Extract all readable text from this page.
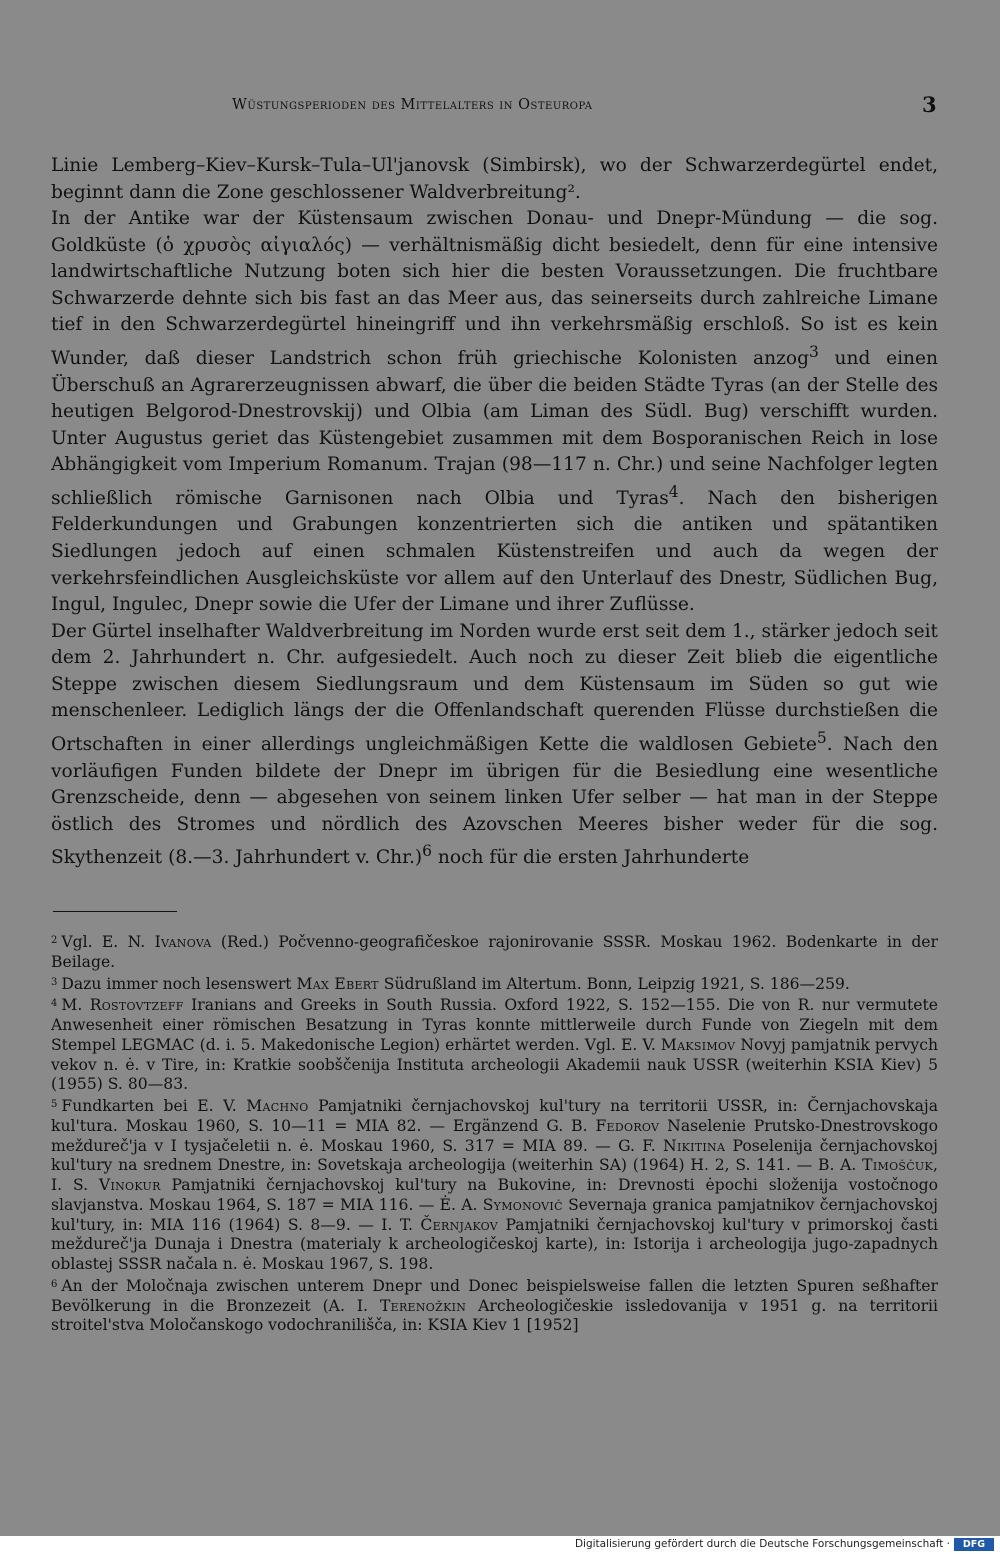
Wüstungsperioden des Mittelalters in Osteuropa	3

Linie Lemberg–Kiev–Kursk–Tula–Ul'janovsk (Simbirsk), wo der Schwarzerdegürtel endet, beginnt dann die Zone geschlossener Waldverbreitung².

In der Antike war der Küstensaum zwischen Donau- und Dnepr-Mündung — die sog. Goldküste (ὁ χρυσὸς αἰγιαλός) — verhältnismäßig dicht besiedelt, denn für eine intensive landwirtschaftliche Nutzung boten sich hier die besten Voraussetzungen. Die fruchtbare Schwarzerde dehnte sich bis fast an das Meer aus, das seinerseits durch zahlreiche Limane tief in den Schwarzerdegürtel hineingriff und ihn verkehrsmäßig erschloß. So ist es kein Wunder, daß dieser Landstrich schon früh griechische Kolonisten anzog$^3$ und einen Überschuß an Agrarerzeugnissen abwarf, die über die beiden Städte Tyras (an der Stelle des heutigen Belgorod-Dnestrovskij) und Olbia (am Liman des Südl. Bug) verschifft wurden. Unter Augustus geriet das Küstengebiet zusammen mit dem Bosporanischen Reich in lose Abhängigkeit vom Imperium Romanum. Trajan (98—117 n. Chr.) und seine Nachfolger legten schließlich römische Garnisonen nach Olbia und Tyras$^4$. Nach den bisherigen Felderkundungen und Grabungen konzentrierten sich die antiken und spätantiken Siedlungen jedoch auf einen schmalen Küstenstreifen und auch da wegen der verkehrsfeindlichen Ausgleichsküste vor allem auf den Unterlauf des Dnestr, Südlichen Bug, Ingul, Ingulec, Dnepr sowie die Ufer der Limane und ihrer Zuflüsse.

Der Gürtel inselhafter Waldverbreitung im Norden wurde erst seit dem 1., stärker jedoch seit dem 2. Jahrhundert n. Chr. aufgesiedelt. Auch noch zu dieser Zeit blieb die eigentliche Steppe zwischen diesem Siedlungsraum und dem Küstensaum im Süden so gut wie menschenleer. Lediglich längs der die Offenlandschaft querenden Flüsse durchstießen die Ortschaften in einer allerdings ungleichmäßigen Kette die waldlosen Gebiete$^5$. Nach den vorläufigen Funden bildete der Dnepr im übrigen für die Besiedlung eine wesentliche Grenzscheide, denn — abgesehen von seinem linken Ufer selber — hat man in der Steppe östlich des Stromes und nördlich des Azovschen Meeres bisher weder für die sog. Skythenzeit (8.—3. Jahrhundert v. Chr.)$^6$ noch für die ersten Jahrhunderte

$^2$ Vgl. E. N. Ivanova (Red.) Počvenno-geografičeskoe rajonirovanie SSSR. Moskau 1962. Bodenkarte in der Beilage.

$^3$ Dazu immer noch lesenswert Max Ebert Südrußland im Altertum. Bonn, Leipzig 1921, S. 186—259.

$^4$ M. Rostovtzeff Iranians and Greeks in South Russia. Oxford 1922, S. 152—155. Die von R. nur vermutete Anwesenheit einer römischen Besatzung in Tyras konnte mittlerweile durch Funde von Ziegeln mit dem Stempel LEGMAC (d. i. 5. Makedonische Legion) erhärtet werden. Vgl. E. V. Maksimov Novyj pamjatnik pervych vekov n. ė. v Tire, in: Kratkie soobščenija Instituta archeologii Akademii nauk USSR (weiterhin KSIA Kiev) 5 (1955) S. 80—83.

$^5$ Fundkarten bei E. V. Machno Pamjatniki černjachovskoj kul'tury na territorii USSR, in: Černjachovskaja kul'tura. Moskau 1960, S. 10—11 = MIA 82. — Ergänzend G. B. Fedorov Naselenie Prutsko-Dnestrovskogo meždureč'ja v I tysjačeletii n. ė. Moskau 1960, S. 317 = MIA 89. — G. F. Nikitina Poselenija černjachovskoj kul'tury na srednem Dnestre, in: Sovetskaja archeologija (weiterhin SA) (1964) H. 2, S. 141. — B. A. Timoščuk, I. S. Vinokur Pamjatniki černjachovskoj kul'tury na Bukovine, in: Drevnosti ėpochi složenija vostočnogo slavjanstva. Moskau 1964, S. 187 = MIA 116. — Ė. A. Symonovič Severnaja granica pamjatnikov černjachovskoj kul'tury, in: MIA 116 (1964) S. 8—9. — I. T. Černjakov Pamjatniki černjachovskoj kul'tury v primorskoj časti meždureč'ja Dunaja i Dnestra (materialy k archeologičeskoj karte), in: Istorija i archeologija jugo-zapadnych oblastej SSSR načala n. ė. Moskau 1967, S. 198.

$^6$ An der Moločnaja zwischen unterem Dnepr und Donec beispielsweise fallen die letzten Spuren seßhafter Bevölkerung in die Bronzezeit (A. I. Terenožkin Archeologičeskie issledovanija v 1951 g. na territorii stroitel'stva Moločanskogo vodochranilišča, in: KSIA Kiev 1 [1952]

Digitalisierung gefördert durch die Deutsche Forschungsgemeinschaft ·	DFG
